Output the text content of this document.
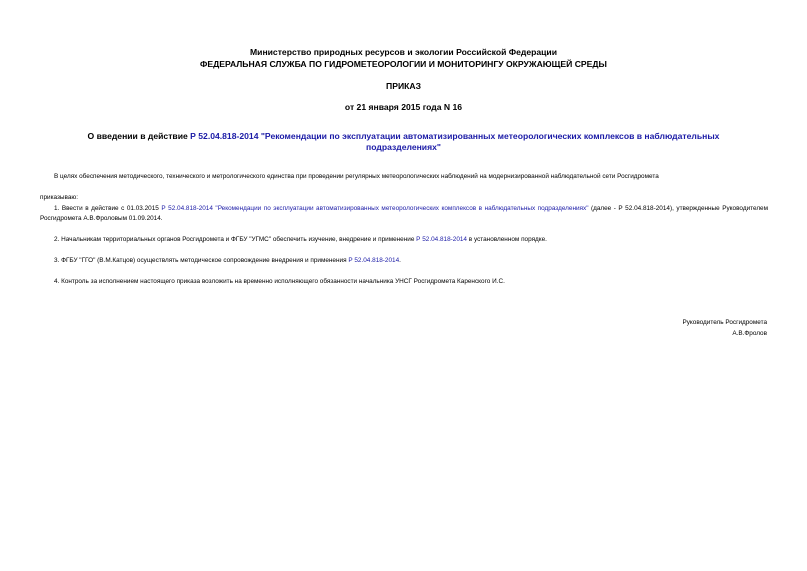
Министерство природных ресурсов и экологии Российской Федерации
ФЕДЕРАЛЬНАЯ СЛУЖБА ПО ГИДРОМЕТЕОРОЛОГИИ И МОНИТОРИНГУ ОКРУЖАЮЩЕЙ СРЕДЫ
ПРИКАЗ
от 21 января 2015 года N 16
О введении в действие Р 52.04.818-2014 "Рекомендации по эксплуатации автоматизированных метеорологических комплексов в наблюдательных подразделениях"
В целях обеспечения методического, технического и метрологического единства при проведении регулярных метеорологических наблюдений на модернизированной наблюдательной сети Росгидромета
приказываю:
1. Ввести в действие с 01.03.2015 Р 52.04.818-2014 "Рекомендации по эксплуатации автоматизированных метеорологических комплексов в наблюдательных подразделениях" (далее - Р 52.04.818-2014), утвержденные Руководителем Росгидромета А.В.Фроловым 01.09.2014.
2. Начальникам территориальных органов Росгидромета и ФГБУ "УГМС" обеспечить изучение, внедрение и применение Р 52.04.818-2014 в установленном порядке.
3. ФГБУ "ГГО" (В.М.Катцов) осуществлять методическое сопровождение внедрения и применения Р 52.04.818-2014.
4. Контроль за исполнением настоящего приказа возложить на временно исполняющего обязанности начальника УНСГ Росгидромета Каренского И.С.
Руководитель Росгидромета
А.В.Фролов
